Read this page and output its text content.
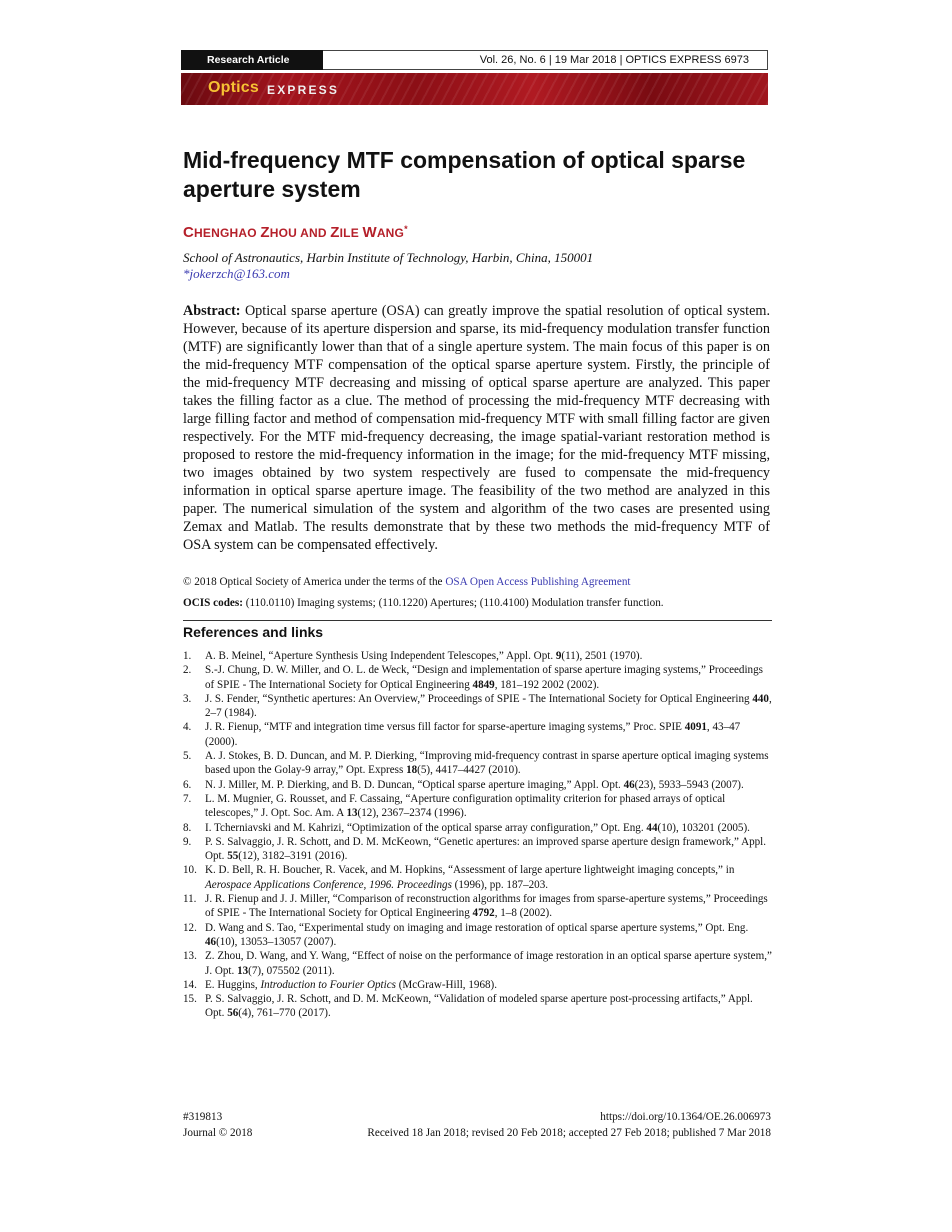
Research Article	Vol. 26, No. 6 | 19 Mar 2018 | OPTICS EXPRESS 6973
Optics EXPRESS
Mid-frequency MTF compensation of optical sparse aperture system
CHENGHAO ZHOU AND ZILE WANG*
School of Astronautics, Harbin Institute of Technology, Harbin, China, 150001
*jokerzch@163.com

Abstract: Optical sparse aperture (OSA) can greatly improve the spatial resolution of optical system. However, because of its aperture dispersion and sparse, its mid-frequency modulation transfer function (MTF) are significantly lower than that of a single aperture system. The main focus of this paper is on the mid-frequency MTF compensation of the optical sparse aperture system. Firstly, the principle of the mid-frequency MTF decreasing and missing of optical sparse aperture are analyzed. This paper takes the filling factor as a clue. The method of processing the mid-frequency MTF decreasing with large filling factor and method of compensation mid-frequency MTF with small filling factor are given respectively. For the MTF mid-frequency decreasing, the image spatial-variant restoration method is proposed to restore the mid-frequency information in the image; for the mid-frequency MTF missing, two images obtained by two system respectively are fused to compensate the mid-frequency information in optical sparse aperture image. The feasibility of the two method are analyzed in this paper. The numerical simulation of the system and algorithm of the two cases are presented using Zemax and Matlab. The results demonstrate that by these two methods the mid-frequency MTF of OSA system can be compensated effectively.

© 2018 Optical Society of America under the terms of the OSA Open Access Publishing Agreement
OCIS codes: (110.0110) Imaging systems; (110.1220) Apertures; (110.4100) Modulation transfer function.
References and links
1. A. B. Meinel, “Aperture Synthesis Using Independent Telescopes,” Appl. Opt. 9(11), 2501 (1970).
2. S.-J. Chung, D. W. Miller, and O. L. de Weck, “Design and implementation of sparse aperture imaging systems,” Proceedings of SPIE - The International Society for Optical Engineering 4849, 181–192 2002 (2002).
3. J. S. Fender, “Synthetic apertures: An Overview,” Proceedings of SPIE - The International Society for Optical Engineering 440, 2–7 (1984).
4. J. R. Fienup, “MTF and integration time versus fill factor for sparse-aperture imaging systems,” Proc. SPIE 4091, 43–47 (2000).
5. A. J. Stokes, B. D. Duncan, and M. P. Dierking, “Improving mid-frequency contrast in sparse aperture optical imaging systems based upon the Golay-9 array,” Opt. Express 18(5), 4417–4427 (2010).
6. N. J. Miller, M. P. Dierking, and B. D. Duncan, “Optical sparse aperture imaging,” Appl. Opt. 46(23), 5933–5943 (2007).
7. L. M. Mugnier, G. Rousset, and F. Cassaing, “Aperture configuration optimality criterion for phased arrays of optical telescopes,” J. Opt. Soc. Am. A 13(12), 2367–2374 (1996).
8. I. Tcherniavski and M. Kahrizi, “Optimization of the optical sparse array configuration,” Opt. Eng. 44(10), 103201 (2005).
9. P. S. Salvaggio, J. R. Schott, and D. M. McKeown, “Genetic apertures: an improved sparse aperture design framework,” Appl. Opt. 55(12), 3182–3191 (2016).
10. K. D. Bell, R. H. Boucher, R. Vacek, and M. Hopkins, “Assessment of large aperture lightweight imaging concepts,” in Aerospace Applications Conference, 1996. Proceedings (1996), pp. 187–203.
11. J. R. Fienup and J. J. Miller, “Comparison of reconstruction algorithms for images from sparse-aperture systems,” Proceedings of SPIE - The International Society for Optical Engineering 4792, 1–8 (2002).
12. D. Wang and S. Tao, “Experimental study on imaging and image restoration of optical sparse aperture systems,” Opt. Eng. 46(10), 13053–13057 (2007).
13. Z. Zhou, D. Wang, and Y. Wang, “Effect of noise on the performance of image restoration in an optical sparse aperture system,” J. Opt. 13(7), 075502 (2011).
14. E. Huggins, Introduction to Fourier Optics (McGraw-Hill, 1968).
15. P. S. Salvaggio, J. R. Schott, and D. M. McKeown, “Validation of modeled sparse aperture post-processing artifacts,” Appl. Opt. 56(4), 761–770 (2017).
#319813	https://doi.org/10.1364/OE.26.006973
Journal © 2018	Received 18 Jan 2018; revised 20 Feb 2018; accepted 27 Feb 2018; published 7 Mar 2018
